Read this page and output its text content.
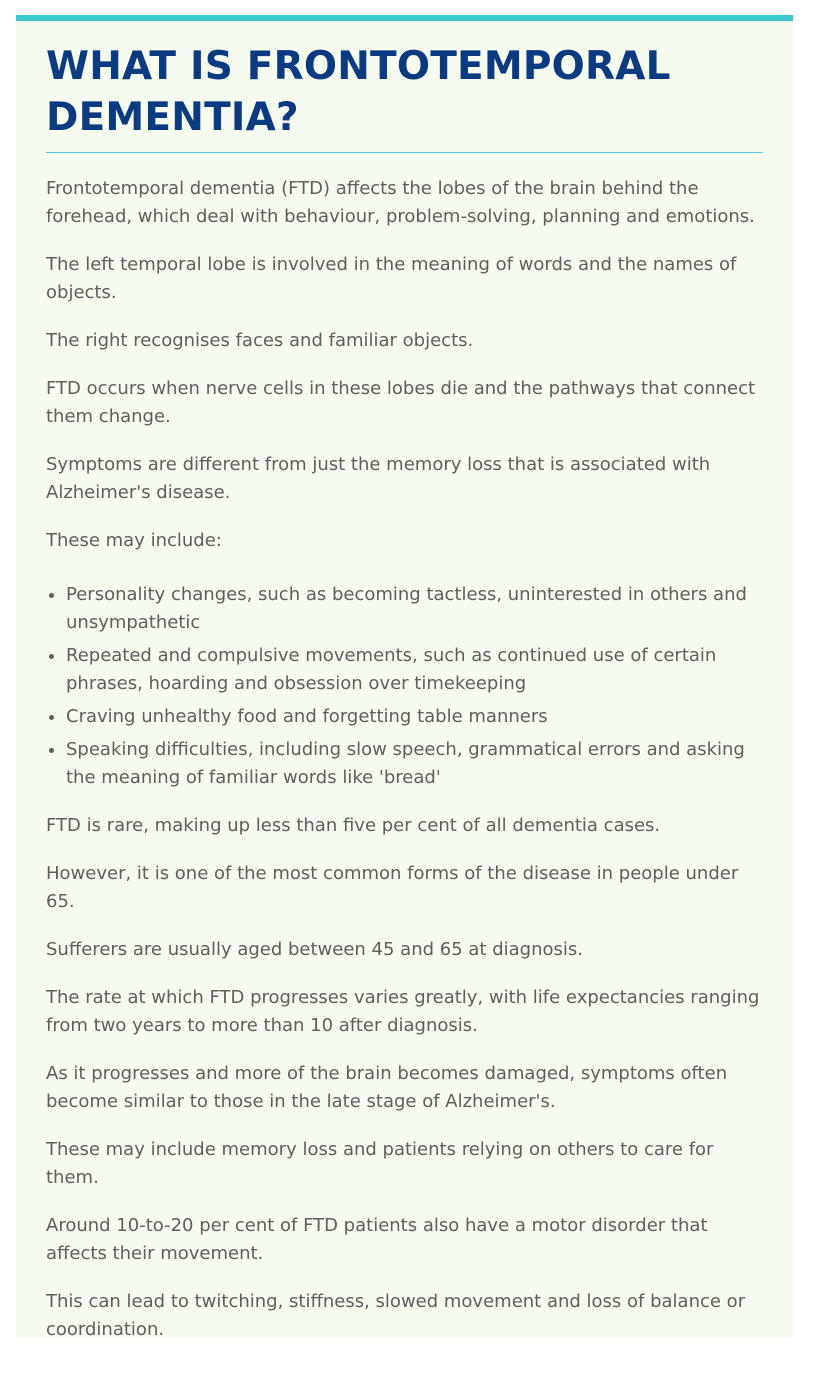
WHAT IS FRONTOTEMPORAL DEMENTIA?

Frontotemporal dementia (FTD) affects the lobes of the brain behind the forehead, which deal with behaviour, problem-solving, planning and emotions.

The left temporal lobe is involved in the meaning of words and the names of objects.

The right recognises faces and familiar objects.

FTD occurs when nerve cells in these lobes die and the pathways that connect them change.

Symptoms are different from just the memory loss that is associated with Alzheimer's disease.

These may include:

• Personality changes, such as becoming tactless, uninterested in others and unsympathetic
• Repeated and compulsive movements, such as continued use of certain phrases, hoarding and obsession over timekeeping
• Craving unhealthy food and forgetting table manners
• Speaking difficulties, including slow speech, grammatical errors and asking the meaning of familiar words like 'bread'

FTD is rare, making up less than five per cent of all dementia cases.

However, it is one of the most common forms of the disease in people under 65.

Sufferers are usually aged between 45 and 65 at diagnosis.

The rate at which FTD progresses varies greatly, with life expectancies ranging from two years to more than 10 after diagnosis.

As it progresses and more of the brain becomes damaged, symptoms often become similar to those in the late stage of Alzheimer's.

These may include memory loss and patients relying on others to care for them.

Around 10-to-20 per cent of FTD patients also have a motor disorder that affects their movement.

This can lead to twitching, stiffness, slowed movement and loss of balance or coordination.
